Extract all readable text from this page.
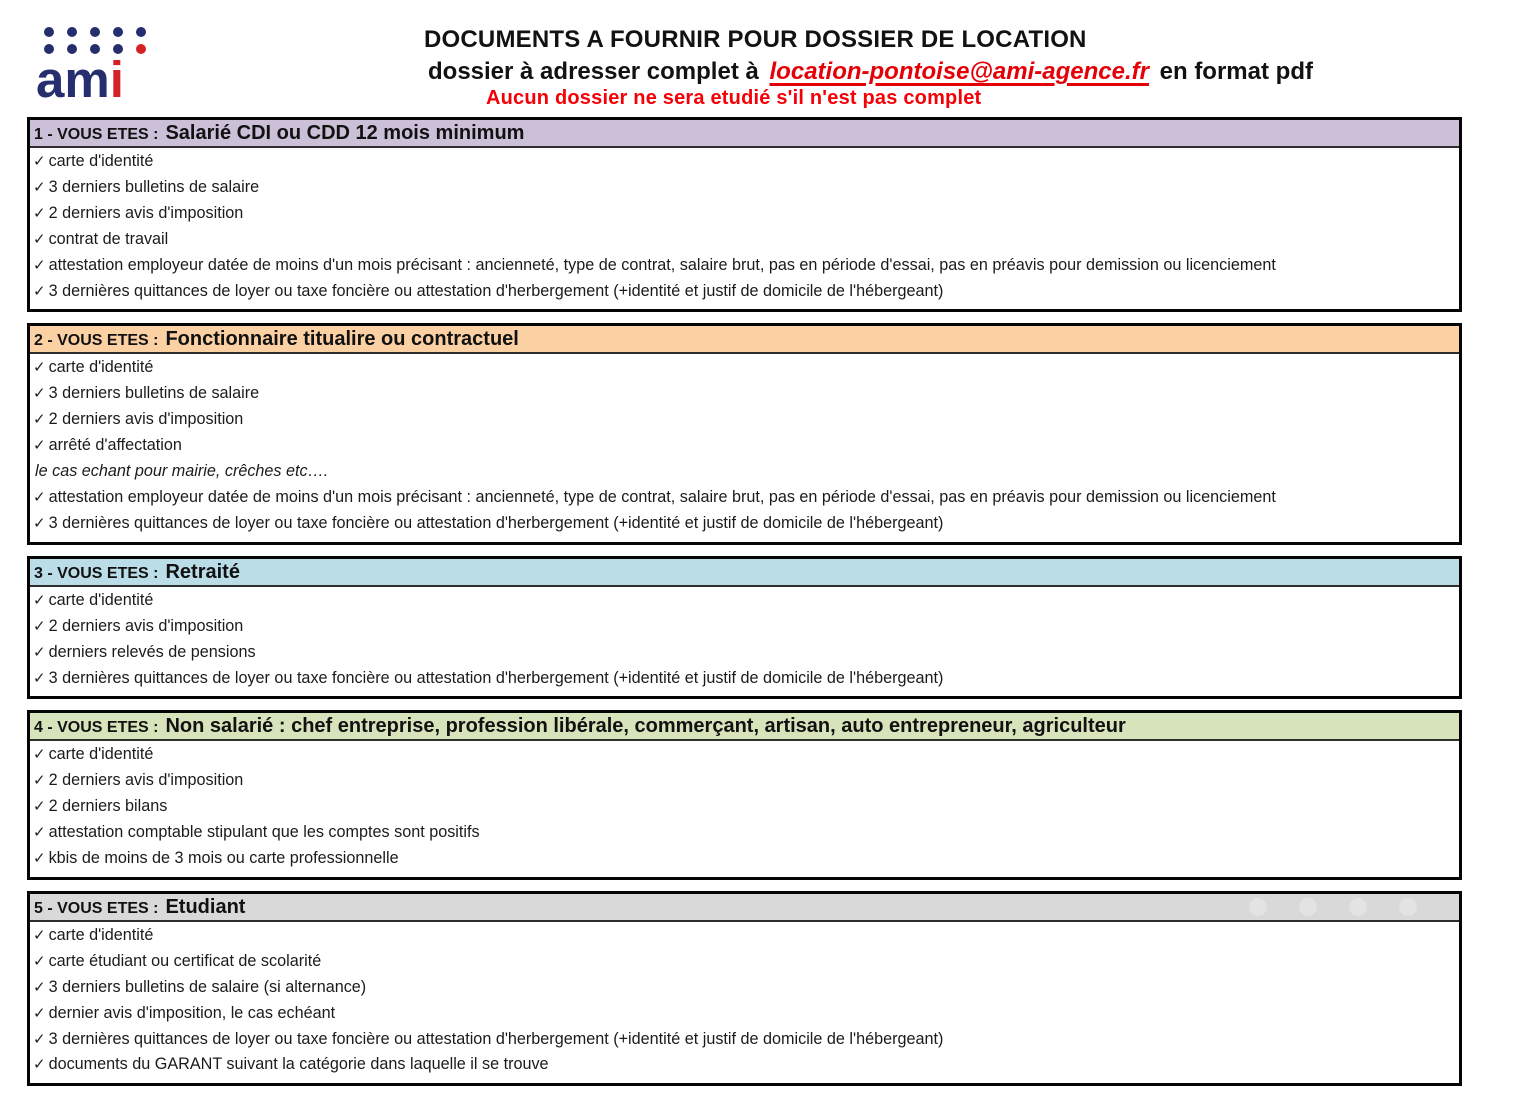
ami
DOCUMENTS A FOURNIR POUR DOSSIER DE LOCATION
dossier à adresser complet à location-pontoise@ami-agence.fr en format pdf
Aucun dossier ne sera etudié s'il n'est pas complet
1 - VOUS ETES : Salarié CDI ou CDD 12 mois minimum
✓ carte d'identité
✓ 3 derniers bulletins de salaire
✓ 2 derniers avis d'imposition
✓ contrat de travail
✓ attestation employeur datée de moins d'un mois précisant : ancienneté, type de contrat, salaire brut, pas en période d'essai, pas en préavis pour demission ou licenciement
✓ 3 dernières quittances de loyer ou taxe foncière ou attestation d'herbergement (+identité et justif de domicile de l'hébergeant)
2 - VOUS ETES : Fonctionnaire titualire ou contractuel
✓ carte d'identité
✓ 3 derniers bulletins de salaire
✓ 2 derniers avis d'imposition
✓ arrêté d'affectation
le cas echant pour mairie, crêches etc….
✓ attestation employeur datée de moins d'un mois précisant : ancienneté, type de contrat, salaire brut, pas en période d'essai, pas en préavis pour demission ou licenciement
✓ 3 dernières quittances de loyer ou taxe foncière ou attestation d'herbergement (+identité et justif de domicile de l'hébergeant)
3 - VOUS ETES : Retraité
✓ carte d'identité
✓ 2 derniers avis d'imposition
✓ derniers relevés de pensions
✓ 3 dernières quittances de loyer ou taxe foncière ou attestation d'herbergement (+identité et justif de domicile de l'hébergeant)
4 - VOUS ETES : Non salarié : chef entreprise, profession libérale, commerçant, artisan, auto entrepreneur, agriculteur
✓ carte d'identité
✓ 2 derniers avis d'imposition
✓ 2 derniers bilans
✓ attestation comptable stipulant que les comptes sont positifs
✓ kbis de moins de 3 mois ou carte professionnelle
5 - VOUS ETES : Etudiant
✓ carte d'identité
✓ carte étudiant ou certificat de scolarité
✓ 3 derniers bulletins de salaire (si alternance)
✓ dernier avis d'imposition, le cas echéant
✓ 3 dernières quittances de loyer ou taxe foncière ou attestation d'herbergement (+identité et justif de domicile de l'hébergeant)
✓ documents du GARANT suivant la catégorie dans laquelle il se trouve
